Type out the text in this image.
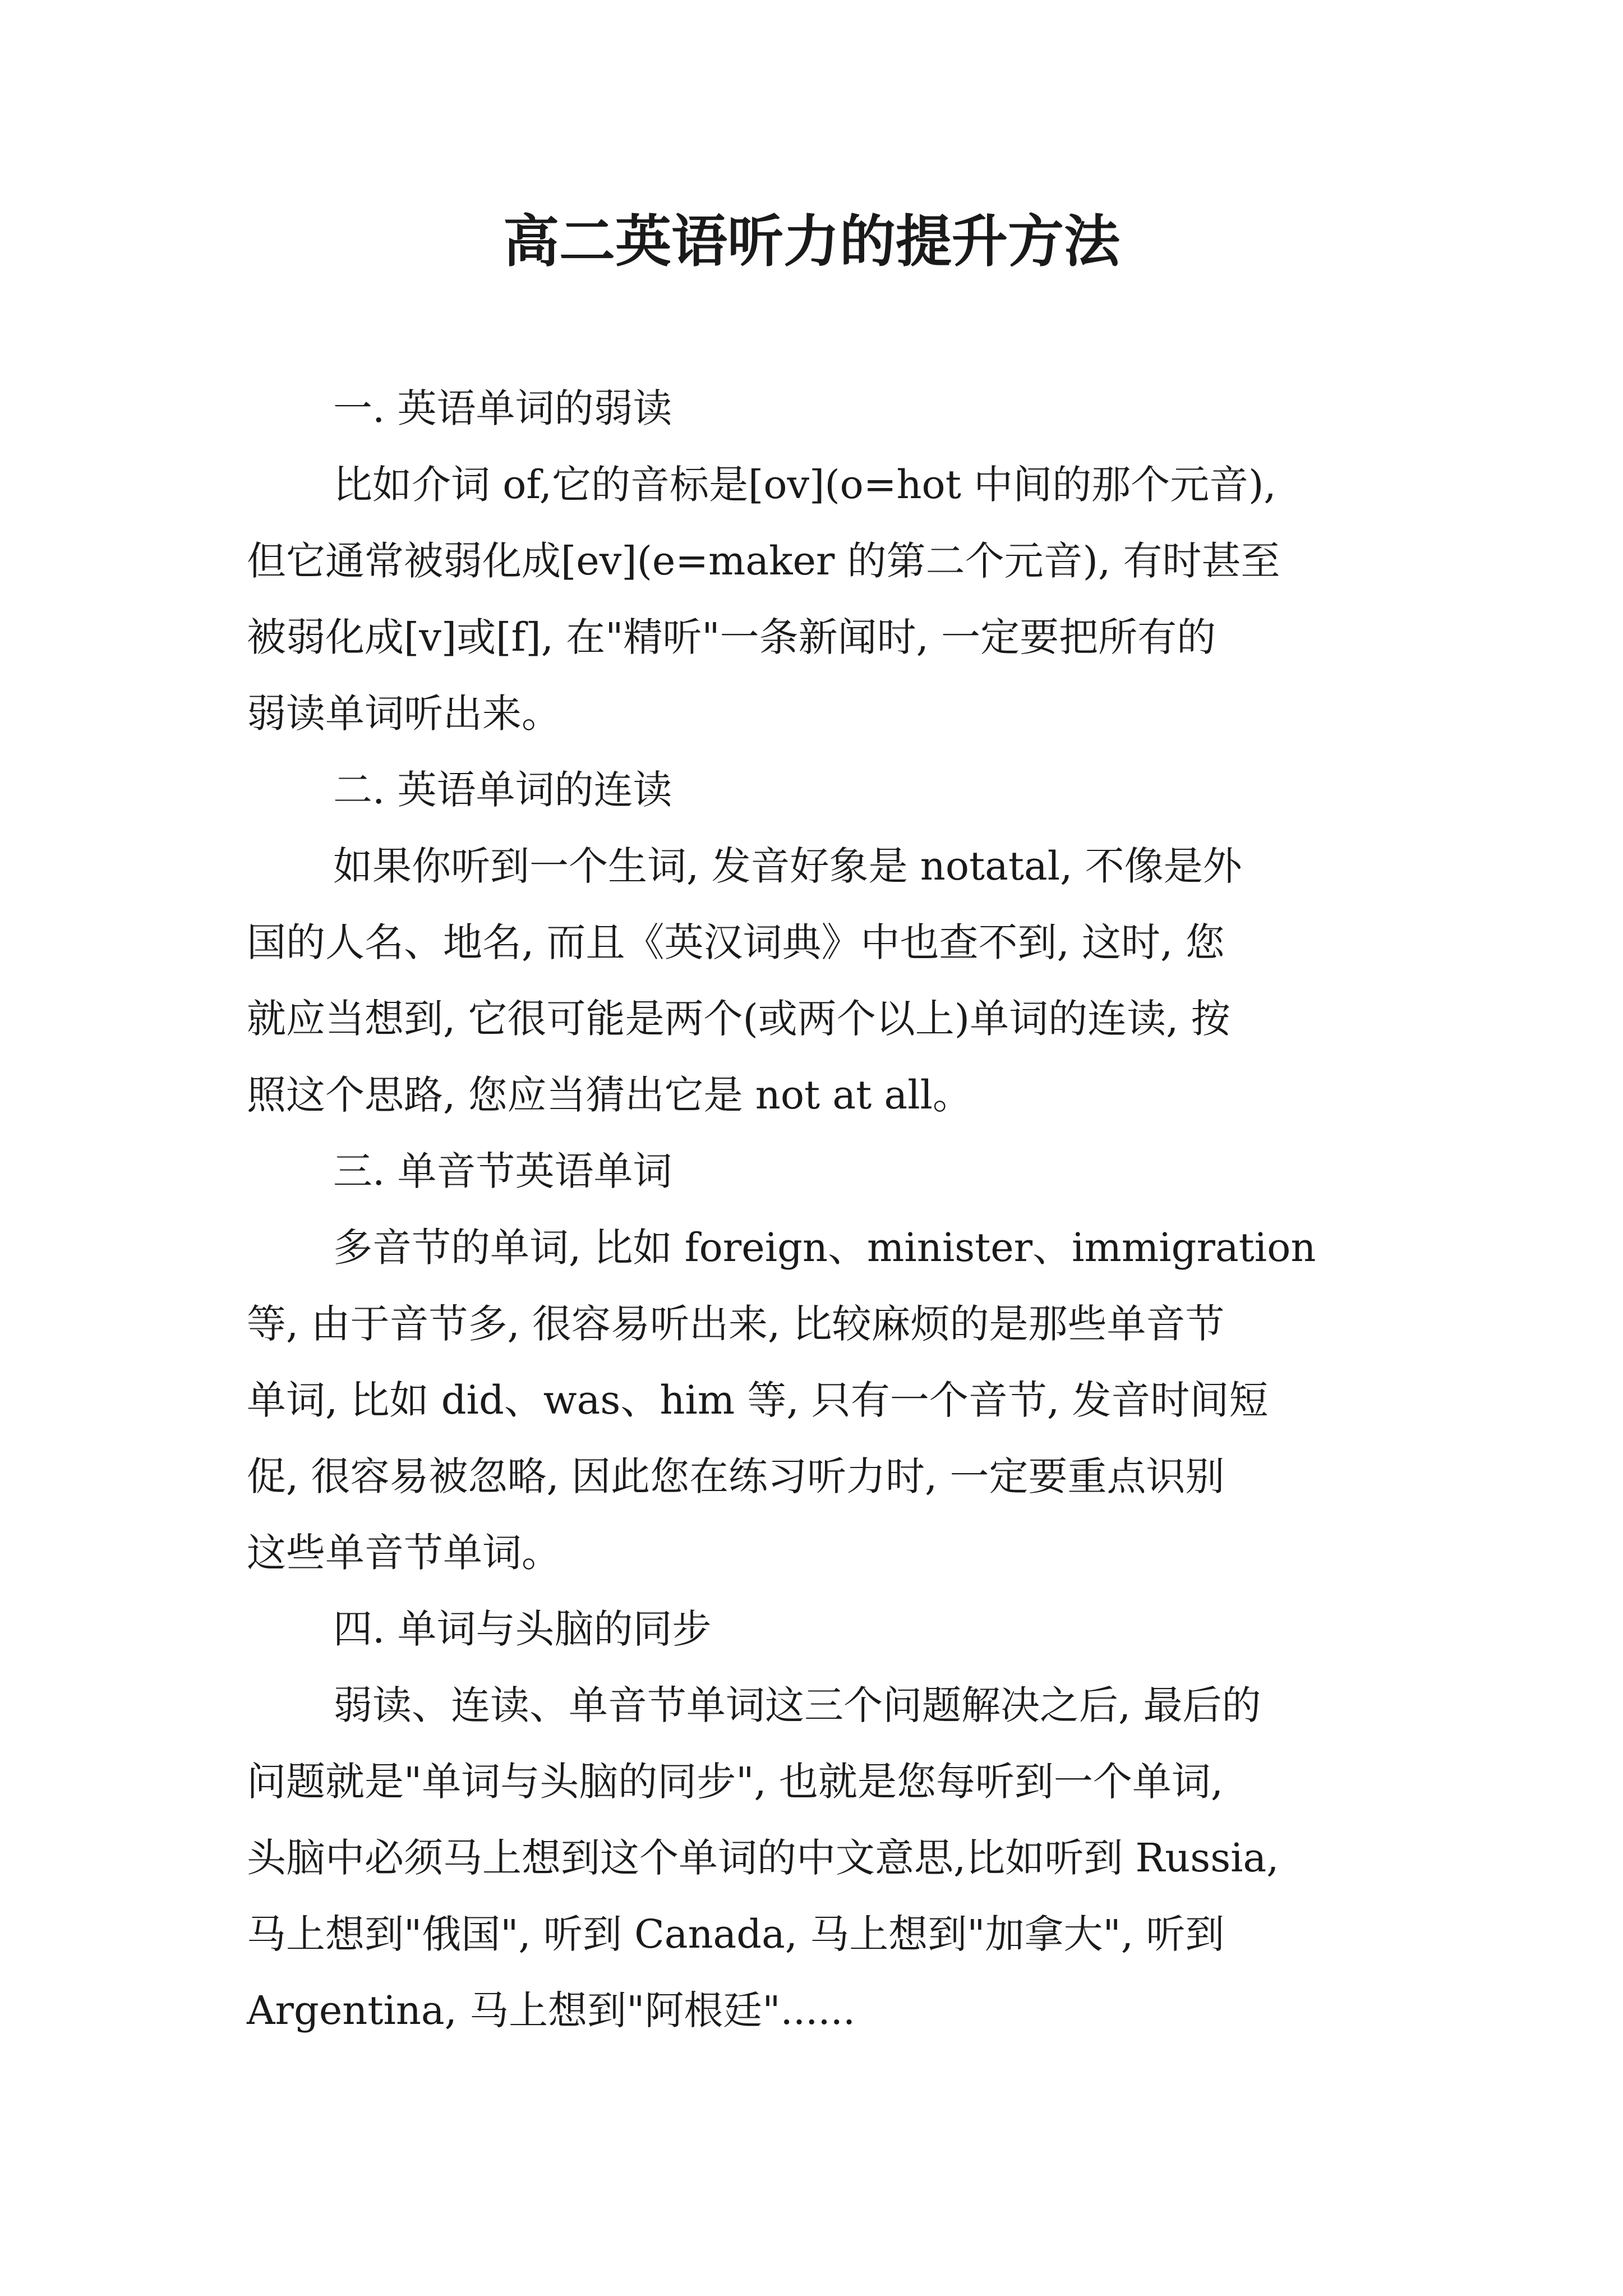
高二英语听力的提升方法
一. 英语单词的弱读

比如介词 of,它的音标是[ov](o=hot 中间的那个元音),
但它通常被弱化成[ev](e=maker 的第二个元音), 有时甚至
被弱化成[v]或[f], 在"精听"一条新闻时, 一定要把所有的
弱读单词听出来。

二. 英语单词的连读

如果你听到一个生词, 发音好象是 notatal, 不像是外
国的人名、地名, 而且《英汉词典》中也查不到, 这时, 您
就应当想到, 它很可能是两个(或两个以上)单词的连读, 按
照这个思路, 您应当猜出它是 not at all。

三. 单音节英语单词

多音节的单词, 比如 foreign、minister、immigration
等, 由于音节多, 很容易听出来, 比较麻烦的是那些单音节
单词, 比如 did、was、him 等, 只有一个音节, 发音时间短
促, 很容易被忽略, 因此您在练习听力时, 一定要重点识别
这些单音节单词。

四. 单词与头脑的同步

弱读、连读、单音节单词这三个问题解决之后, 最后的
问题就是"单词与头脑的同步", 也就是您每听到一个单词,
头脑中必须马上想到这个单词的中文意思,比如听到 Russia,
马上想到"俄国", 听到 Canada, 马上想到"加拿大", 听到
Argentina, 马上想到"阿根廷"......
